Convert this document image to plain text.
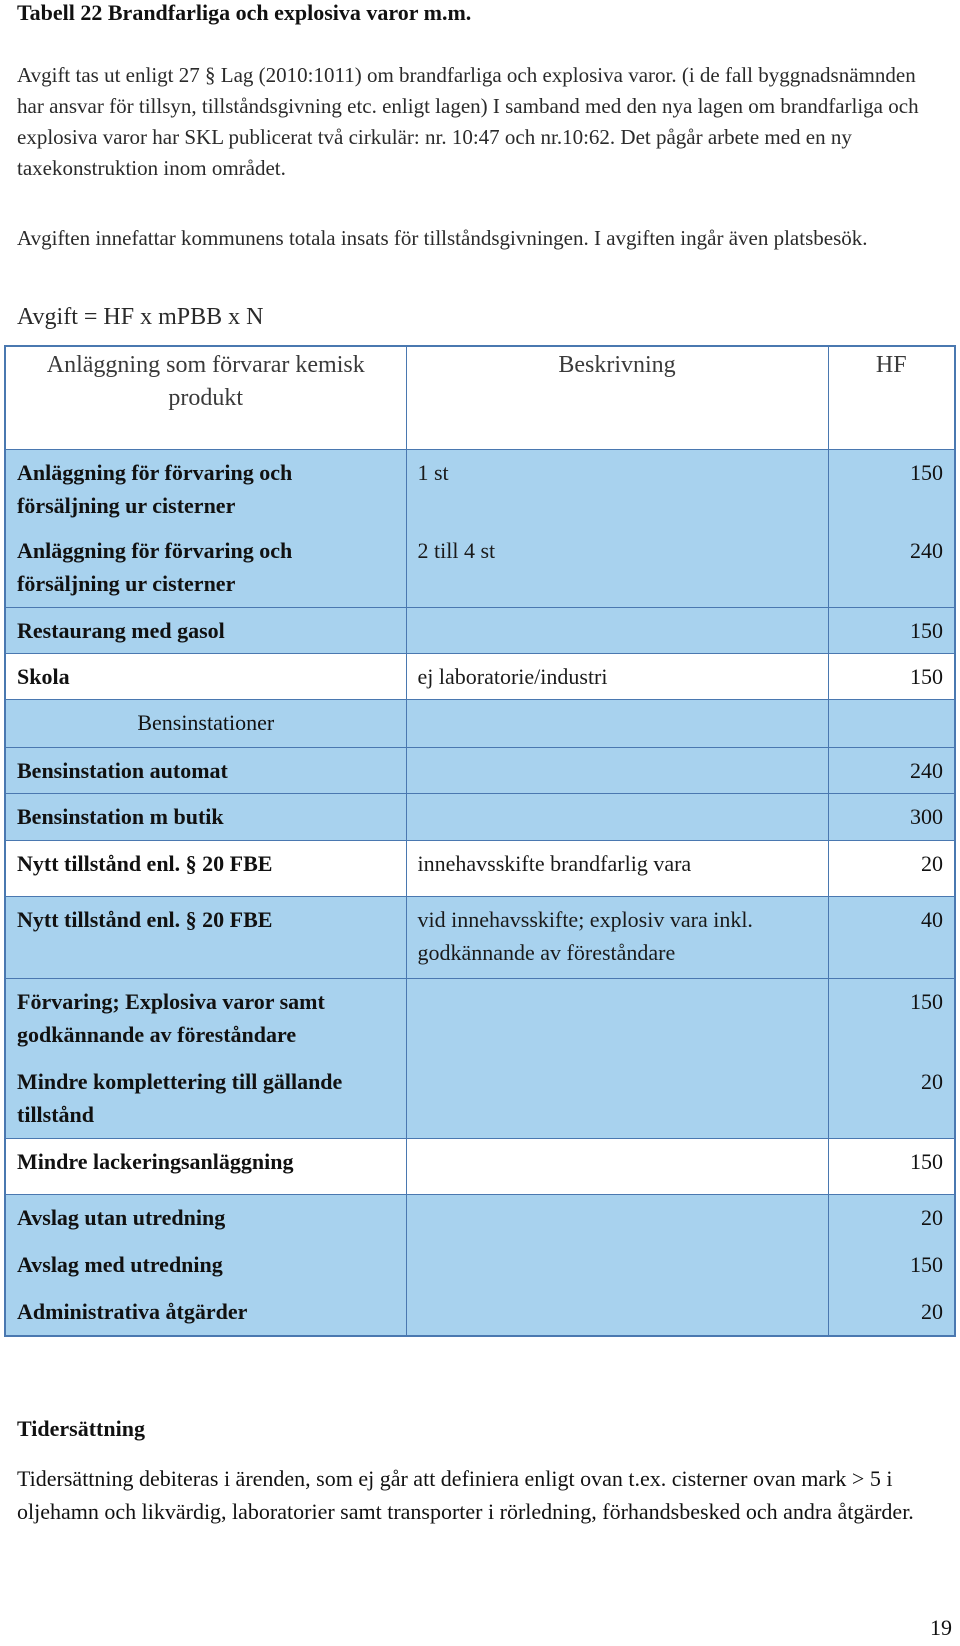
Tabell 22 Brandfarliga och explosiva varor m.m.

Avgift tas ut enligt 27 § Lag (2010:1011) om brandfarliga och explosiva varor. (i de fall byggnadsnämnden har ansvar för tillsyn, tillståndsgivning etc. enligt lagen) I samband med den nya lagen om brandfarliga och explosiva varor har SKL publicerat två cirkulär: nr. 10:47 och nr.10:62. Det pågår arbete med en ny taxekonstruktion inom området.

Avgiften innefattar kommunens totala insats för tillståndsgivningen. I avgiften ingår även platsbesök.

Avgift = HF x mPBB x N

Anläggning som förvarar kemisk produkt	Beskrivning	HF
Anläggning för förvaring och försäljning ur cisterner	1 st	150
Anläggning för förvaring och försäljning ur cisterner	2 till 4 st	240
Restaurang med gasol		150
Skola	ej laboratorie/industri	150
Bensinstationer		
Bensinstation automat		240
Bensinstation m butik		300
Nytt tillstånd enl. § 20 FBE	innehavsskifte brandfarlig vara	20
Nytt tillstånd enl. § 20 FBE	vid innehavsskifte; explosiv vara inkl. godkännande av föreståndare	40
Förvaring; Explosiva varor samt godkännande av föreståndare		150
Mindre komplettering till gällande tillstånd		20
Mindre lackeringsanläggning		150
Avslag utan utredning		20
Avslag med utredning		150
Administrativa åtgärder		20
Tidersättning

Tidersättning debiteras i ärenden, som ej går att definiera enligt ovan t.ex. cisterner ovan mark > 5 i oljehamn och likvärdig, laboratorier samt transporter i rörledning, förhandsbesked och andra åtgärder.

19
